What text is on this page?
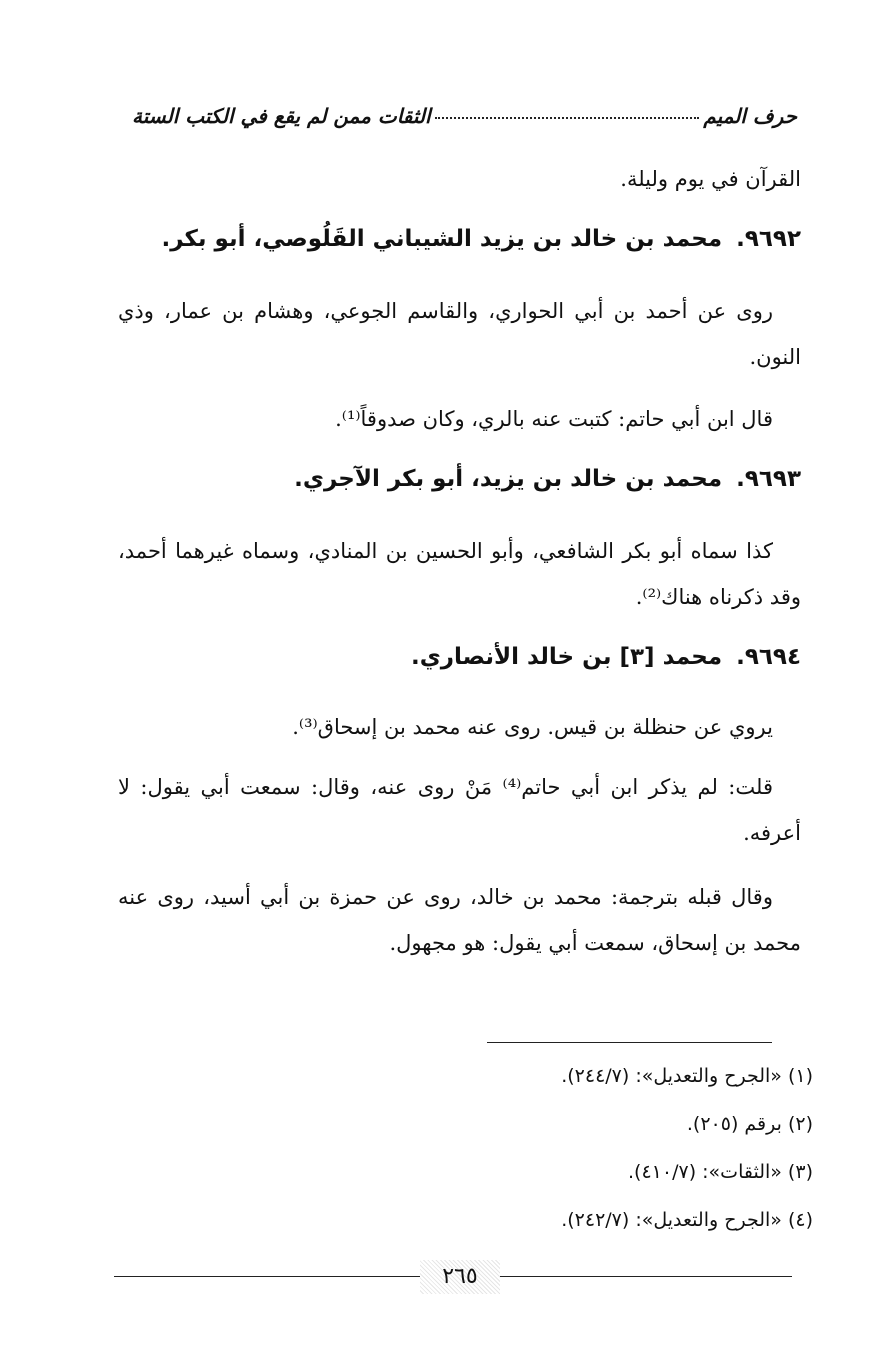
حرف الميم
الثقات ممن لم يقع في الكتب الستة
القرآن في يوم وليلة.
٩٦٩٢.محمد بن خالد بن يزيد الشيباني القَلُوصي، أبو بكر.
روى عن أحمد بن أبي الحواري، والقاسم الجوعي، وهشام بن عمار، وذي النون.
قال ابن أبي حاتم: كتبت عنه بالري، وكان صدوقاً⁽¹⁾.
٩٦٩٣.محمد بن خالد بن يزيد، أبو بكر الآجري.
كذا سماه أبو بكر الشافعي، وأبو الحسين بن المنادي، وسماه غيرهما أحمد، وقد ذكرناه هناك⁽²⁾.
٩٦٩٤.محمد [٣] بن خالد الأنصاري.
يروي عن حنظلة بن قيس. روى عنه محمد بن إسحاق⁽³⁾.
قلت: لم يذكر ابن أبي حاتم⁽⁴⁾ مَنْ روى عنه، وقال: سمعت أبي يقول: لا أعرفه.
وقال قبله بترجمة: محمد بن خالد، روى عن حمزة بن أبي أسيد، روى عنه محمد بن إسحاق، سمعت أبي يقول: هو مجهول.
(١) «الجرح والتعديل»: (٢٤٤/٧).
(٢) برقم (٢٠٥).
(٣) «الثقات»: (٤١٠/٧).
(٤) «الجرح والتعديل»: (٢٤٢/٧).
٢٦٥
